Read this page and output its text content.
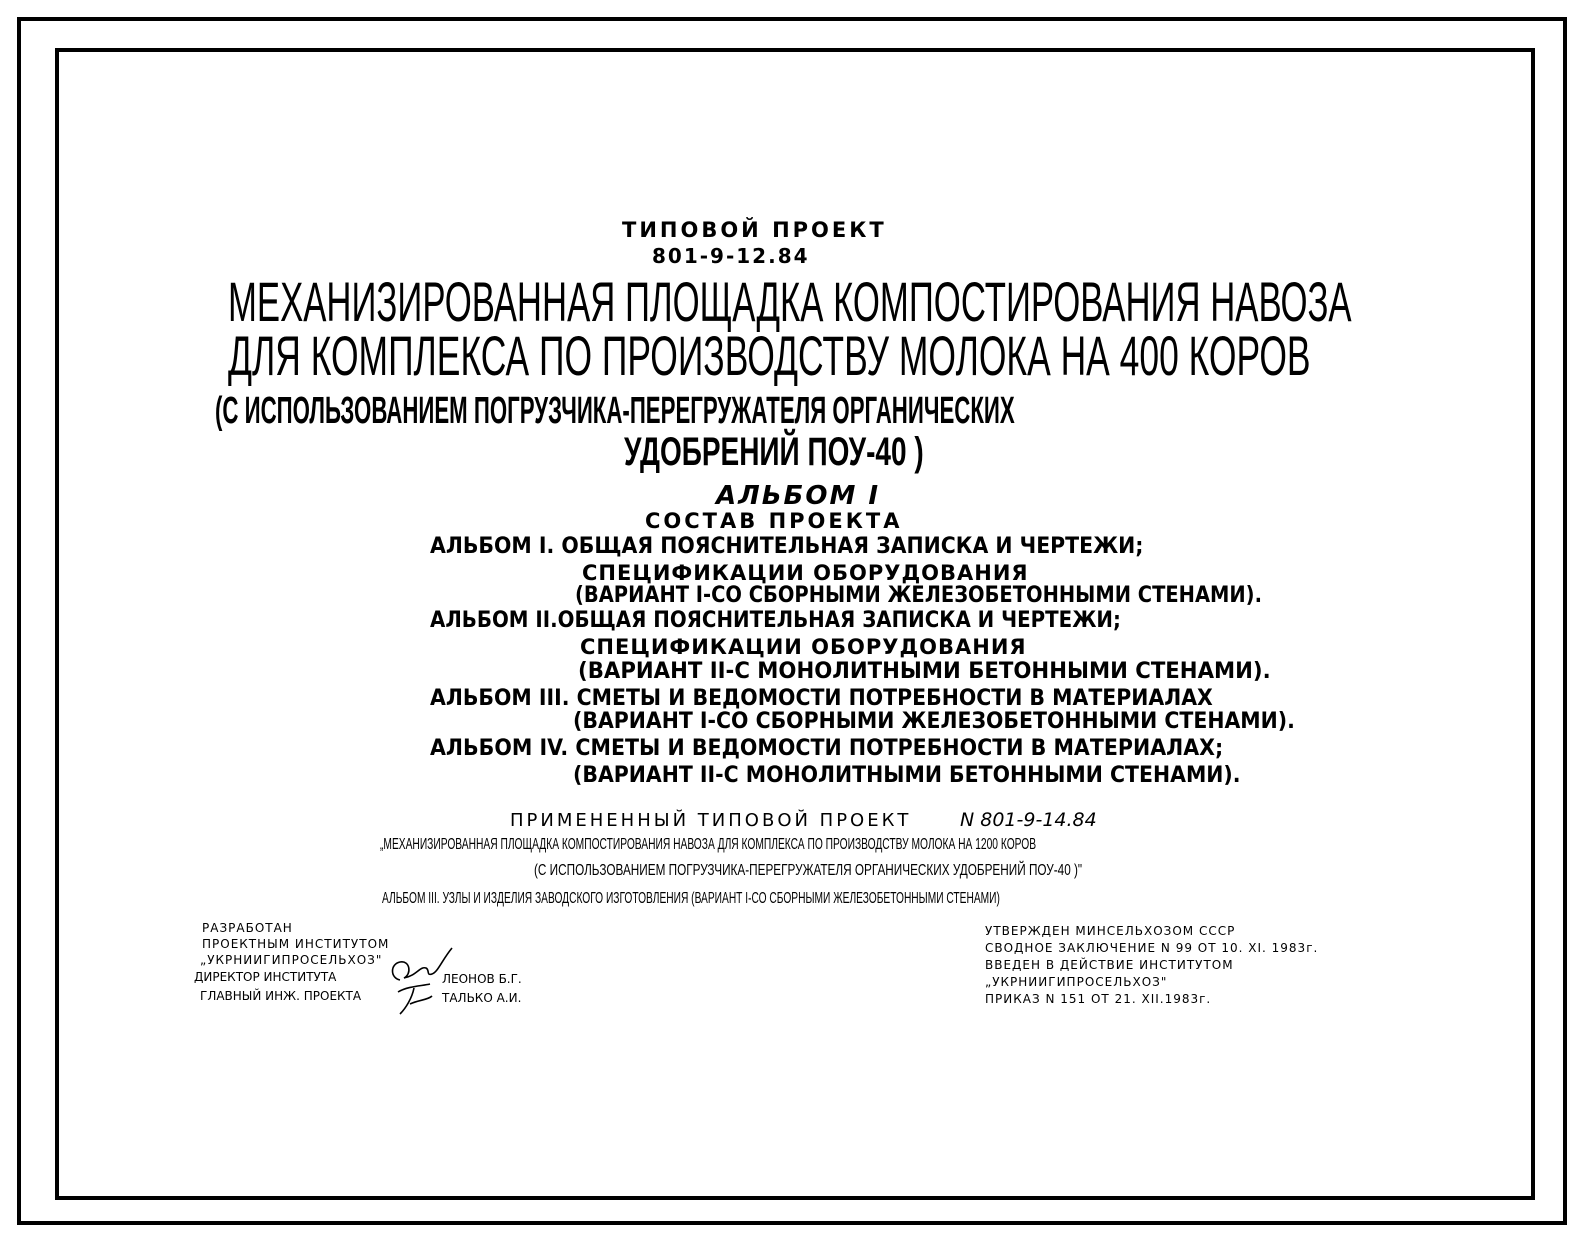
ТИПОВОЙ ПРОЕКТ
801-9-12.84
МЕХАНИЗИРОВАННАЯ ПЛОЩАДКА КОМПОСТИРОВАНИЯ НАВОЗА
ДЛЯ КОМПЛЕКСА ПО ПРОИЗВОДСТВУ МОЛОКА НА 400 КОРОВ
(С ИСПОЛЬЗОВАНИЕМ ПОГРУЗЧИКА-ПЕРЕГРУЖАТЕЛЯ ОРГАНИЧЕСКИХ
УДОБРЕНИЙ ПОУ-40 )
АЛЬБОМ I
СОСТАВ ПРОЕКТА
АЛЬБОМ I. ОБЩАЯ ПОЯСНИТЕЛЬНАЯ ЗАПИСКА И ЧЕРТЕЖИ;
СПЕЦИФИКАЦИИ ОБОРУДОВАНИЯ
(ВАРИАНТ I-СО СБОРНЫМИ ЖЕЛЕЗОБЕТОННЫМИ СТЕНАМИ).
АЛЬБОМ II.ОБЩАЯ ПОЯСНИТЕЛЬНАЯ ЗАПИСКА И ЧЕРТЕЖИ;
СПЕЦИФИКАЦИИ ОБОРУДОВАНИЯ
(ВАРИАНТ II-С МОНОЛИТНЫМИ БЕТОННЫМИ СТЕНАМИ).
АЛЬБОМ III. СМЕТЫ И ВЕДОМОСТИ ПОТРЕБНОСТИ В МАТЕРИАЛАХ
(ВАРИАНТ I-СО СБОРНЫМИ ЖЕЛЕЗОБЕТОННЫМИ СТЕНАМИ).
АЛЬБОМ IV. СМЕТЫ И ВЕДОМОСТИ ПОТРЕБНОСТИ В МАТЕРИАЛАХ;
(ВАРИАНТ II-С МОНОЛИТНЫМИ БЕТОННЫМИ СТЕНАМИ).
ПРИМЕНЕННЫЙ ТИПОВОЙ ПРОЕКТ	N 801-9-14.84
„МЕХАНИЗИРОВАННАЯ ПЛОЩАДКА КОМПОСТИРОВАНИЯ НАВОЗА ДЛЯ КОМПЛЕКСА ПО ПРОИЗВОДСТВУ МОЛОКА НА 1200 КОРОВ
(С ИСПОЛЬЗОВАНИЕМ ПОГРУЗЧИКА-ПЕРЕГРУЖАТЕЛЯ ОРГАНИЧЕСКИХ УДОБРЕНИЙ ПОУ-40 )"
АЛЬБОМ III. УЗЛЫ И ИЗДЕЛИЯ ЗАВОДСКОГО ИЗГОТОВЛЕНИЯ (ВАРИАНТ I-СО СБОРНЫМИ ЖЕЛЕЗОБЕТОННЫМИ СТЕНАМИ)
РАЗРАБОТАН
ПРОЕКТНЫМ ИНСТИТУТОМ
„УКРНИИГИПРОСЕЛЬХОЗ"
ДИРЕКТОР ИНСТИТУТА	ЛЕОНОВ Б.Г.
ГЛАВНЫЙ ИНЖ. ПРОЕКТА	ТАЛЬКО А.И.
УТВЕРЖДЕН МИНСЕЛЬХОЗОМ СССР
СВОДНОЕ ЗАКЛЮЧЕНИЕ N 99 ОТ 10. XI. 1983г.
ВВЕДЕН В ДЕЙСТВИЕ ИНСТИТУТОМ
„УКРНИИГИПРОСЕЛЬХОЗ"
ПРИКАЗ N 151 ОТ 21. XII.1983г.
